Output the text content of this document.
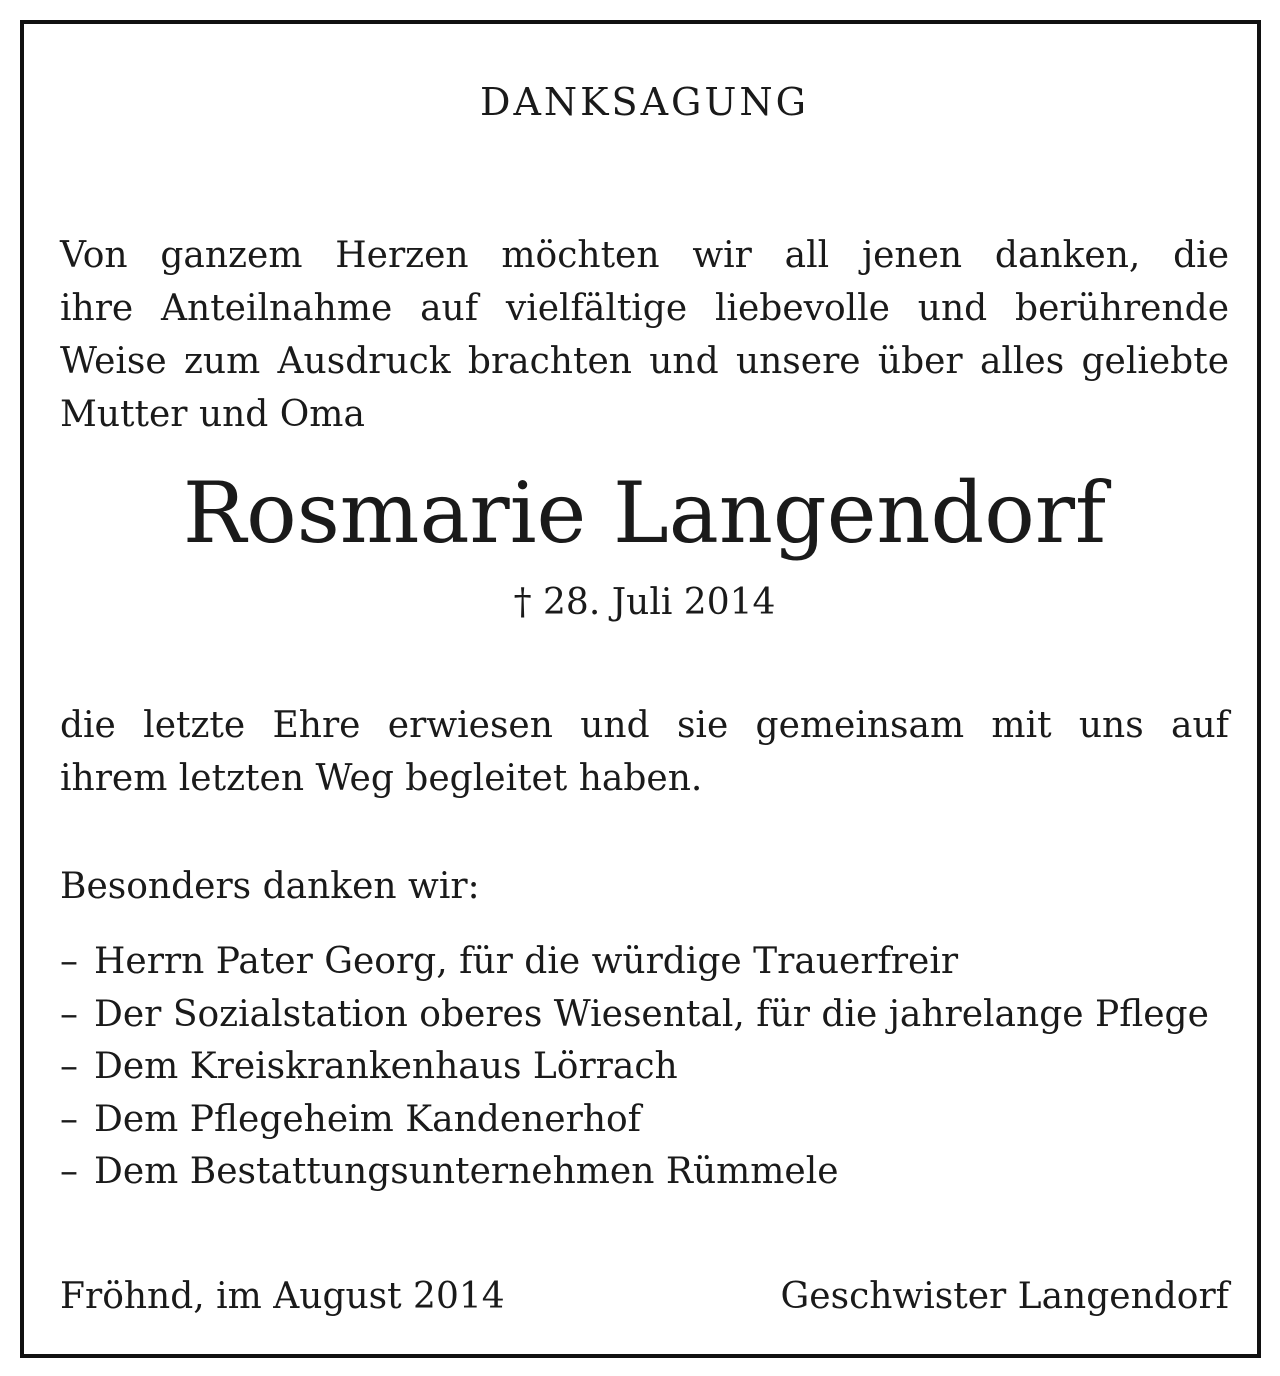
DANKSAGUNG
Von ganzem Herzen möchten wir all jenen danken, die
ihre Anteilnahme auf vielfältige liebevolle und berührende
Weise zum Ausdruck brachten und unsere über alles geliebte
Mutter und Oma
Rosmarie Langendorf
† 28. Juli 2014
die letzte Ehre erwiesen und sie gemeinsam mit uns auf
ihrem letzten Weg begleitet haben.
Besonders danken wir:
– Herrn Pater Georg, für die würdige Trauerfreir
– Der Sozialstation oberes Wiesental, für die jahrelange Pflege
– Dem Kreiskrankenhaus Lörrach
– Dem Pflegeheim Kandenerhof
– Dem Bestattungsunternehmen Rümmele
Fröhnd, im August 2014	Geschwister Langendorf
